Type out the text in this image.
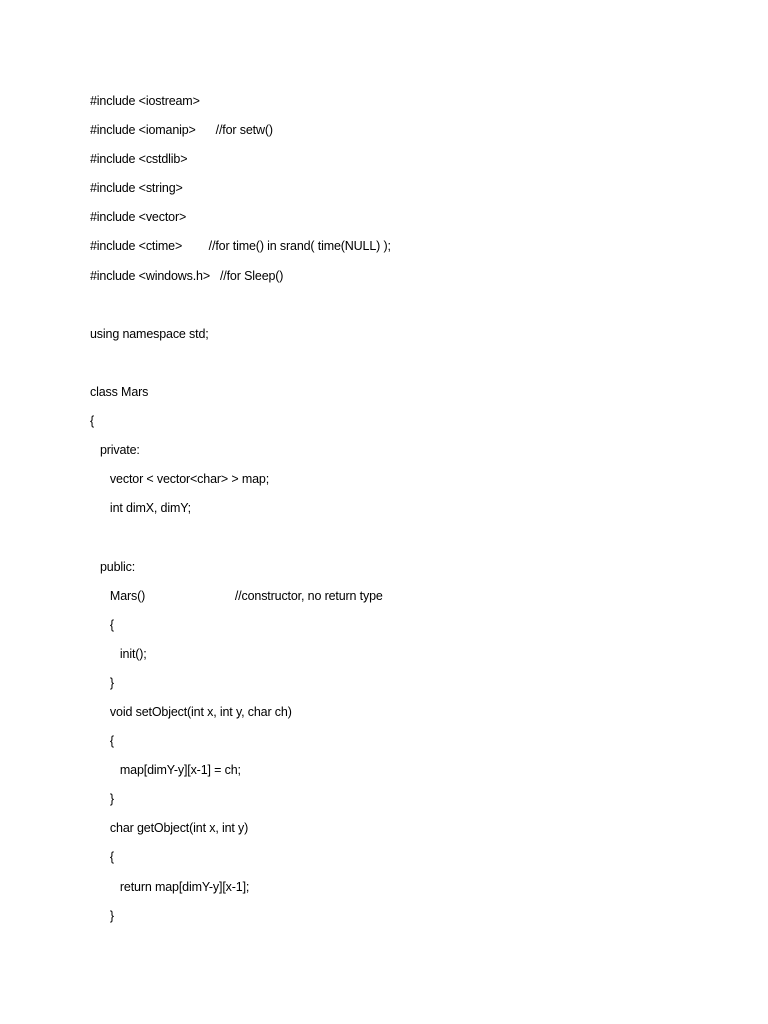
#include <iostream>
#include <iomanip>      //for setw()
#include <cstdlib>
#include <string>
#include <vector>
#include <ctime>        //for time() in srand( time(NULL) );
#include <windows.h>   //for Sleep()
using namespace std;
class Mars
{
private:
vector < vector<char> > map;
int dimX, dimY;
public:
Mars()                           //constructor, no return type
{
init();
}
void setObject(int x, int y, char ch)
{
map[dimY-y][x-1] = ch;
}
char getObject(int x, int y)
{
return map[dimY-y][x-1];
}
